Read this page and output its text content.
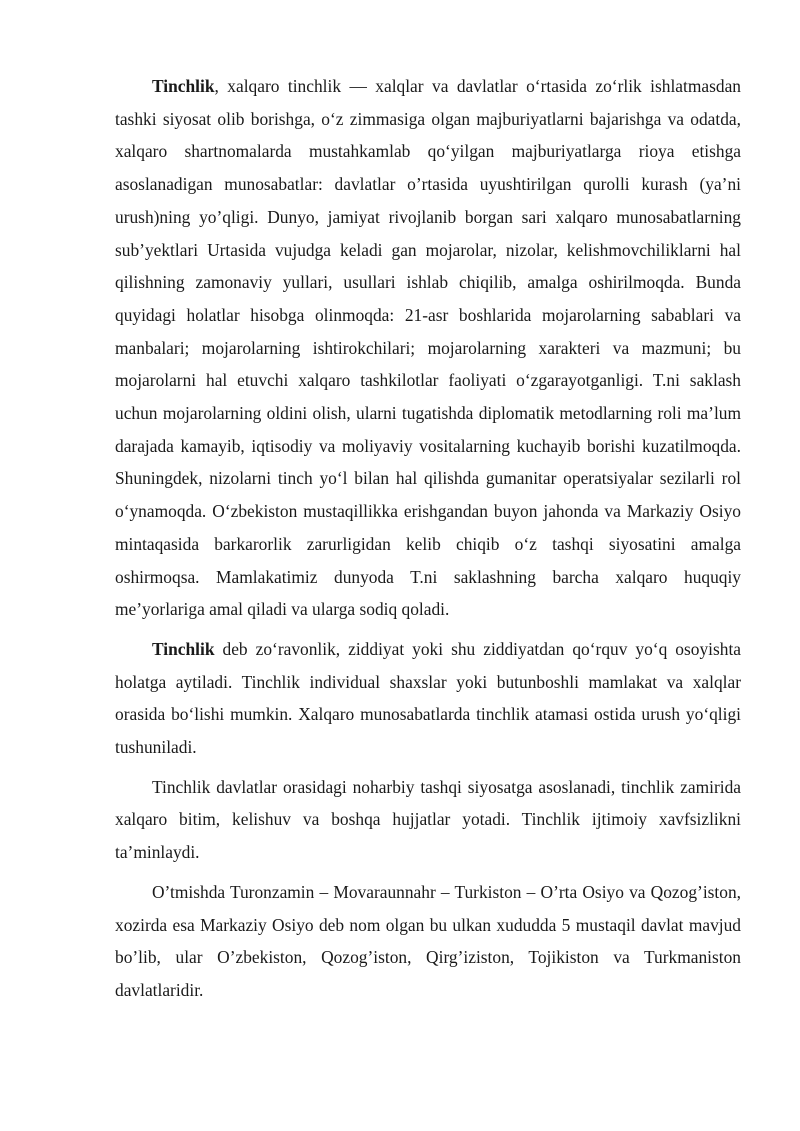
Tinchlik, xalqaro tinchlik — xalqlar va davlatlar oʻrtasida zoʻrlik ishlatmasdan tashki siyosat olib borishga, oʻz zimmasiga olgan majburiyatlarni bajarishga va odatda, xalqaro shartnomalarda mustahkamlab qoʻyilgan majburiyatlarga rioya etishga asoslanadigan munosabatlar: davlatlar o’rtasida uyushtirilgan qurolli kurash (ya’ni urush)ning yo’qligi. Dunyo, jamiyat rivojlanib borgan sari xalqaro munosabatlarning sub’yektlari Urtasida vujudga keladi gan mojarolar, nizolar, kelishmovchiliklarni hal qilishning zamonaviy yullari, usullari ishlab chiqilib, amalga oshirilmoqda. Bunda quyidagi holatlar hisobga olinmoqda: 21-asr boshlarida mojarolarning sabablari va manbalari; mojarolarning ishtirokchilari; mojarolarning xarakteri va mazmuni; bu mojarolarni hal etuvchi xalqaro tashkilotlar faoliyati oʻzgarayotganligi. T.ni saklash uchun mojarolarning oldini olish, ularni tugatishda diplomatik metodlarning roli ma’lum darajada kamayib, iqtisodiy va moliyaviy vositalarning kuchayib borishi kuzatilmoqda. Shuningdek, nizolarni tinch yoʻl bilan hal qilishda gumanitar operatsiyalar sezilarli rol oʻynamoqda. Oʻzbekiston mustaqillikka erishgandan buyon jahonda va Markaziy Osiyo mintaqasida barkarorlik zarurligidan kelib chiqib oʻz tashqi siyosatini amalga oshirmoqsa. Mamlakatimiz dunyoda T.ni saklashning barcha xalqaro huquqiy me’yorlariga amal qiladi va ularga sodiq qoladi.

Tinchlik deb zoʻravonlik, ziddiyat yoki shu ziddiyatdan qoʻrquv yoʻq osoyishta holatga aytiladi. Tinchlik individual shaxslar yoki butunboshli mamlakat va xalqlar orasida boʻlishi mumkin. Xalqaro munosabatlarda tinchlik atamasi ostida urush yoʻqligi tushuniladi.

Tinchlik davlatlar orasidagi noharbiy tashqi siyosatga asoslanadi, tinchlik zamirida xalqaro bitim, kelishuv va boshqa hujjatlar yotadi. Tinchlik ijtimoiy xavfsizlikni ta’minlaydi.

O’tmishda Turonzamin – Movaraunnahr – Turkiston – O’rta Osiyo va Qozog’iston, xozirda esa Markaziy Osiyo deb nom olgan bu ulkan xududda 5 mustaqil davlat mavjud bo’lib, ular O’zbekiston, Qozog’iston, Qirg’iziston, Tojikiston va Turkmaniston davlatlaridir.
